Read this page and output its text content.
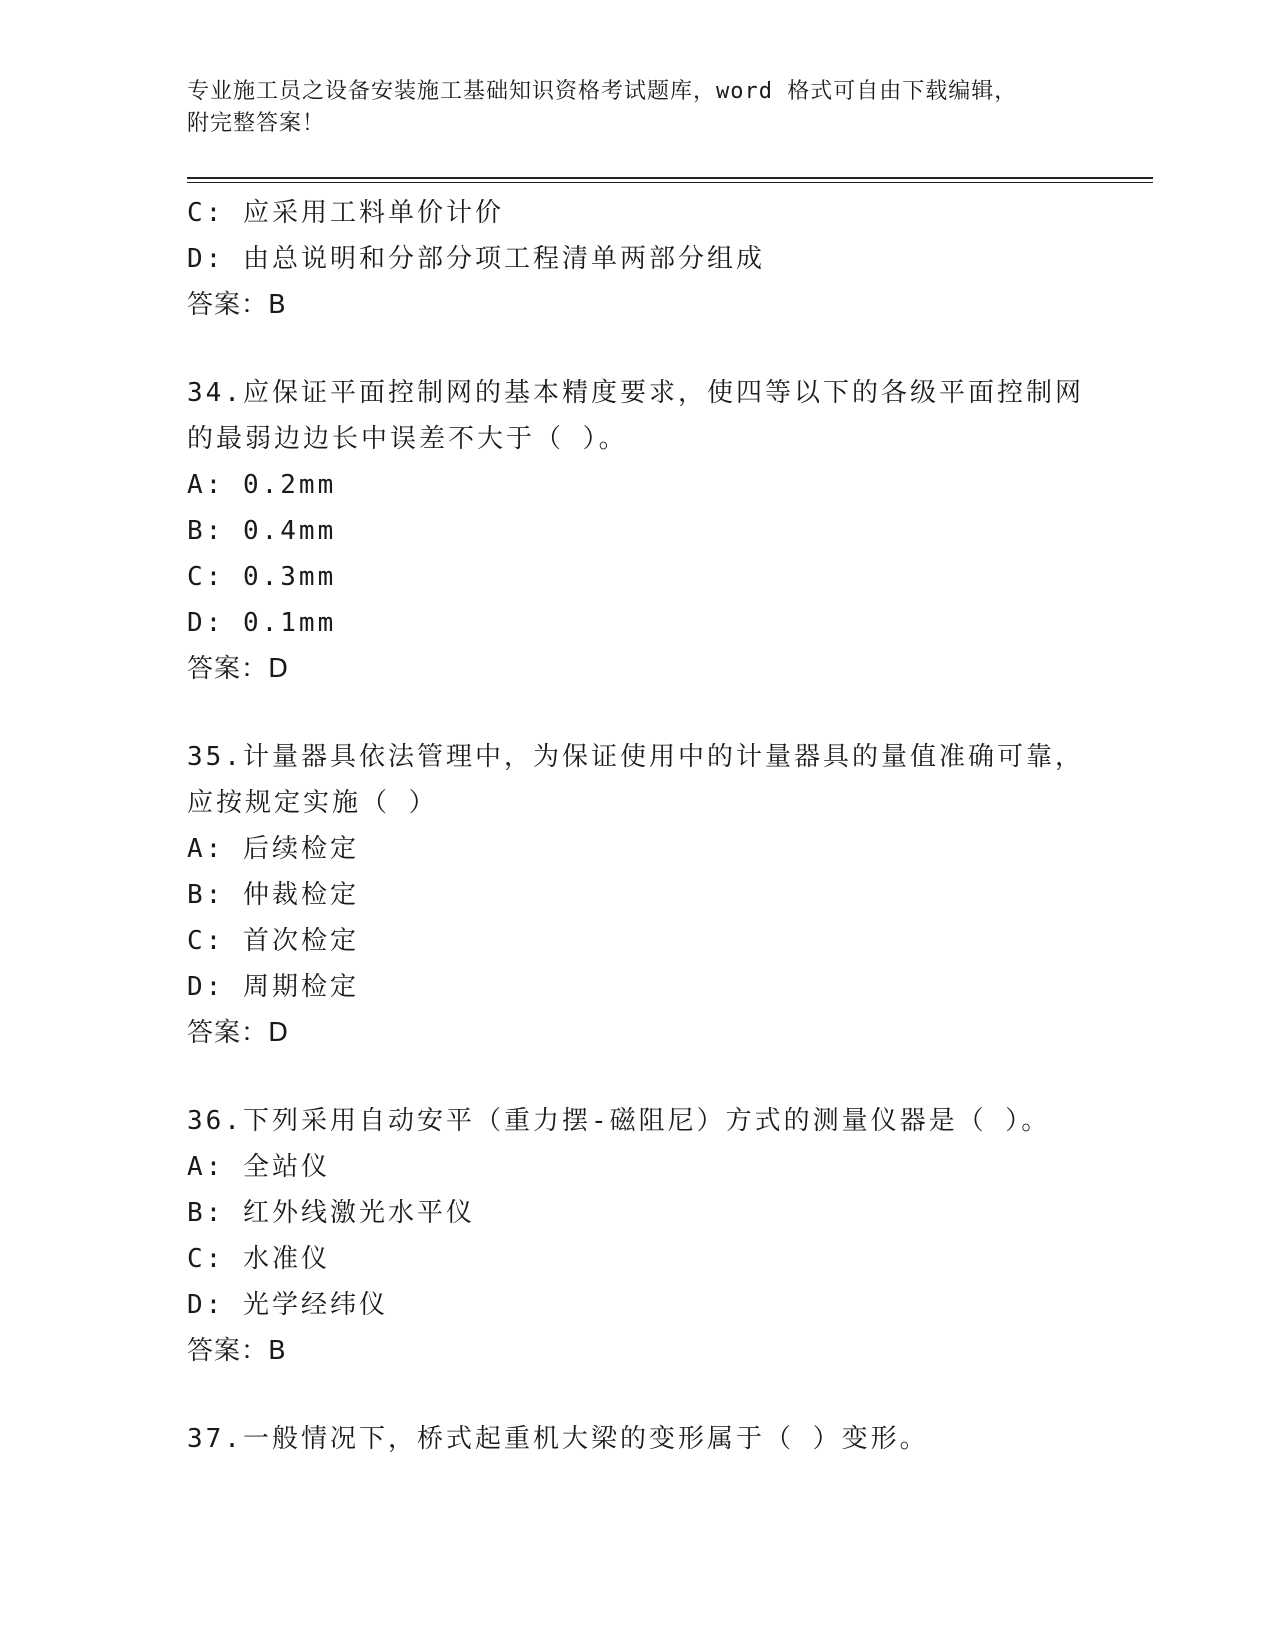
专业施工员之设备安装施工基础知识资格考试题库，word 格式可自由下载编辑，
附完整答案！
C: 应采用工料单价计价
D: 由总说明和分部分项工程清单两部分组成
答案：B
34.应保证平面控制网的基本精度要求，使四等以下的各级平面控制网
的最弱边边长中误差不大于（ ）。
A: 0.2mm
B: 0.4mm
C: 0.3mm
D: 0.1mm
答案：D
35.计量器具依法管理中，为保证使用中的计量器具的量值准确可靠，
应按规定实施（ ）
A: 后续检定
B: 仲裁检定
C: 首次检定
D: 周期检定
答案：D
36.下列采用自动安平（重力摆-磁阻尼）方式的测量仪器是（ ）。
A: 全站仪
B: 红外线激光水平仪
C: 水准仪
D: 光学经纬仪
答案：B
37.一般情况下，桥式起重机大梁的变形属于（ ）变形。
